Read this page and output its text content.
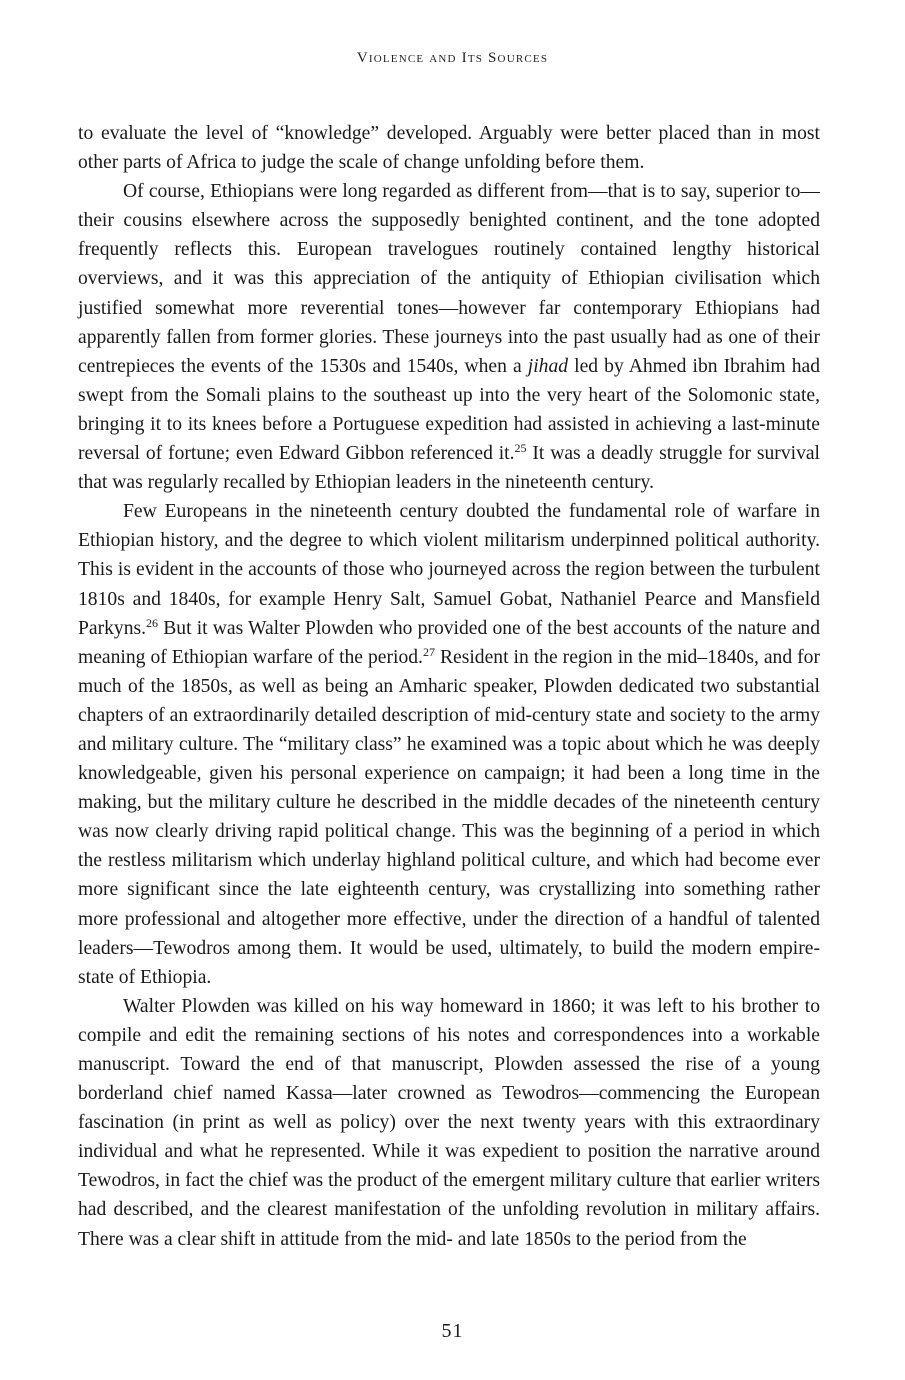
Violence and Its Sources

to evaluate the level of “knowledge” developed. Arguably were better placed than in most other parts of Africa to judge the scale of change unfolding before them.

Of course, Ethiopians were long regarded as different from—that is to say, superior to—their cousins elsewhere across the supposedly benighted continent, and the tone adopted frequently reflects this. European travelogues routinely contained lengthy historical overviews, and it was this appreciation of the antiquity of Ethiopian civilisation which justified somewhat more reverential tones—however far contemporary Ethiopians had apparently fallen from former glories. These journeys into the past usually had as one of their centrepieces the events of the 1530s and 1540s, when a jihad led by Ahmed ibn Ibrahim had swept from the Somali plains to the southeast up into the very heart of the Solomonic state, bringing it to its knees before a Portuguese expedition had assisted in achieving a last-minute reversal of fortune; even Edward Gibbon referenced it.$^{25}$ It was a deadly struggle for survival that was regularly recalled by Ethiopian leaders in the nineteenth century.

Few Europeans in the nineteenth century doubted the fundamental role of warfare in Ethiopian history, and the degree to which violent militarism underpinned political authority. This is evident in the accounts of those who journeyed across the region between the turbulent 1810s and 1840s, for example Henry Salt, Samuel Gobat, Nathaniel Pearce and Mansfield Parkyns.$^{26}$ But it was Walter Plowden who provided one of the best accounts of the nature and meaning of Ethiopian warfare of the period.$^{27}$ Resident in the region in the mid–1840s, and for much of the 1850s, as well as being an Amharic speaker, Plowden dedicated two substantial chapters of an extraordinarily detailed description of mid-century state and society to the army and military culture. The “military class” he examined was a topic about which he was deeply knowledgeable, given his personal experience on campaign; it had been a long time in the making, but the military culture he described in the middle decades of the nineteenth century was now clearly driving rapid political change. This was the beginning of a period in which the restless militarism which underlay highland political culture, and which had become ever more significant since the late eighteenth century, was crystallizing into something rather more professional and altogether more effective, under the direction of a handful of talented leaders—Tewodros among them. It would be used, ultimately, to build the modern empire-state of Ethiopia.

Walter Plowden was killed on his way homeward in 1860; it was left to his brother to compile and edit the remaining sections of his notes and correspondences into a workable manuscript. Toward the end of that manuscript, Plowden assessed the rise of a young borderland chief named Kassa—later crowned as Tewodros—commencing the European fascination (in print as well as policy) over the next twenty years with this extraordinary individual and what he represented. While it was expedient to position the narrative around Tewodros, in fact the chief was the product of the emergent military culture that earlier writers had described, and the clearest manifestation of the unfolding revolution in military affairs. There was a clear shift in attitude from the mid- and late 1850s to the period from the

51
